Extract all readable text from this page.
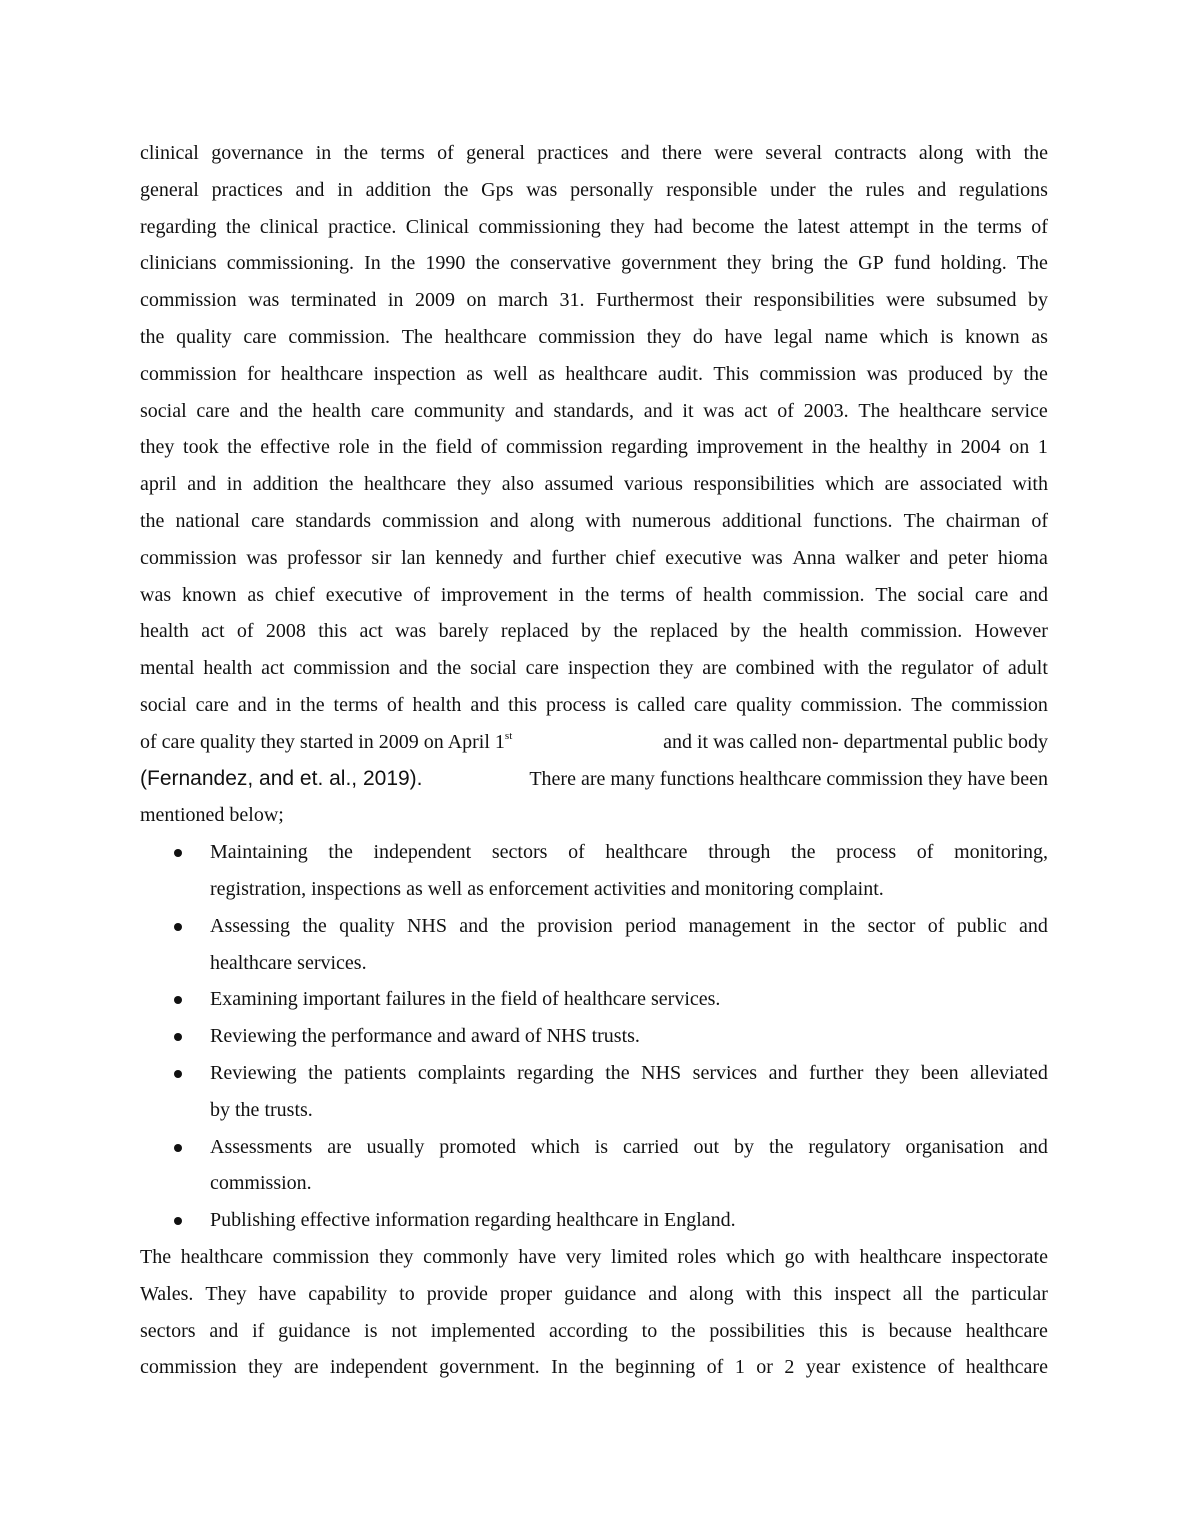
clinical governance in the terms of general practices and there were several contracts along with the
general practices and in addition the Gps was personally responsible under the rules and regulations
regarding the clinical practice. Clinical commissioning they had become the latest attempt in the terms of
clinicians commissioning. In the 1990 the conservative government they bring the GP fund holding. The
commission was terminated in 2009 on march 31. Furthermost their responsibilities were subsumed by
the quality care commission. The healthcare commission they do have legal name which is known as
commission for healthcare inspection as well as healthcare audit. This commission was produced by the
social care and the health care community and standards, and it was act of 2003. The healthcare service
they took the effective role in the field of commission regarding improvement in the healthy in 2004 on 1
april and in addition the healthcare they also assumed various responsibilities which are associated with
the national care standards commission and along with numerous additional functions. The chairman of
commission was professor sir lan kennedy and further chief executive was Anna walker and peter hioma
was known as chief executive of improvement in the terms of health commission. The social care and
health act of 2008 this act was barely replaced by the replaced by the health commission. However
mental health act commission and the social care inspection they are combined with the regulator of adult
social care and in the terms of health and this process is called care quality commission. The commission
of care quality they started in 2009 on April 1st	and it was called non- departmental public body
(Fernandez, and et. al., 2019).	There are many functions healthcare commission they have been
mentioned below;
Maintaining the independent sectors of healthcare through the process of monitoring,
registration, inspections as well as enforcement activities and monitoring complaint.
Assessing the quality NHS and the provision period management in the sector of public and
healthcare services.
Examining important failures in the field of healthcare services.
Reviewing the performance and award of NHS trusts.
Reviewing the patients complaints regarding the NHS services and further they been alleviated
by the trusts.
Assessments are usually promoted which is carried out by the regulatory organisation and
commission.
Publishing effective information regarding healthcare in England.
The healthcare commission they commonly have very limited roles which go with healthcare inspectorate
Wales. They have capability to provide proper guidance and along with this inspect all the particular
sectors and if guidance is not implemented according to the possibilities this is because healthcare
commission they are independent government. In the beginning of 1 or 2 year existence of healthcare
